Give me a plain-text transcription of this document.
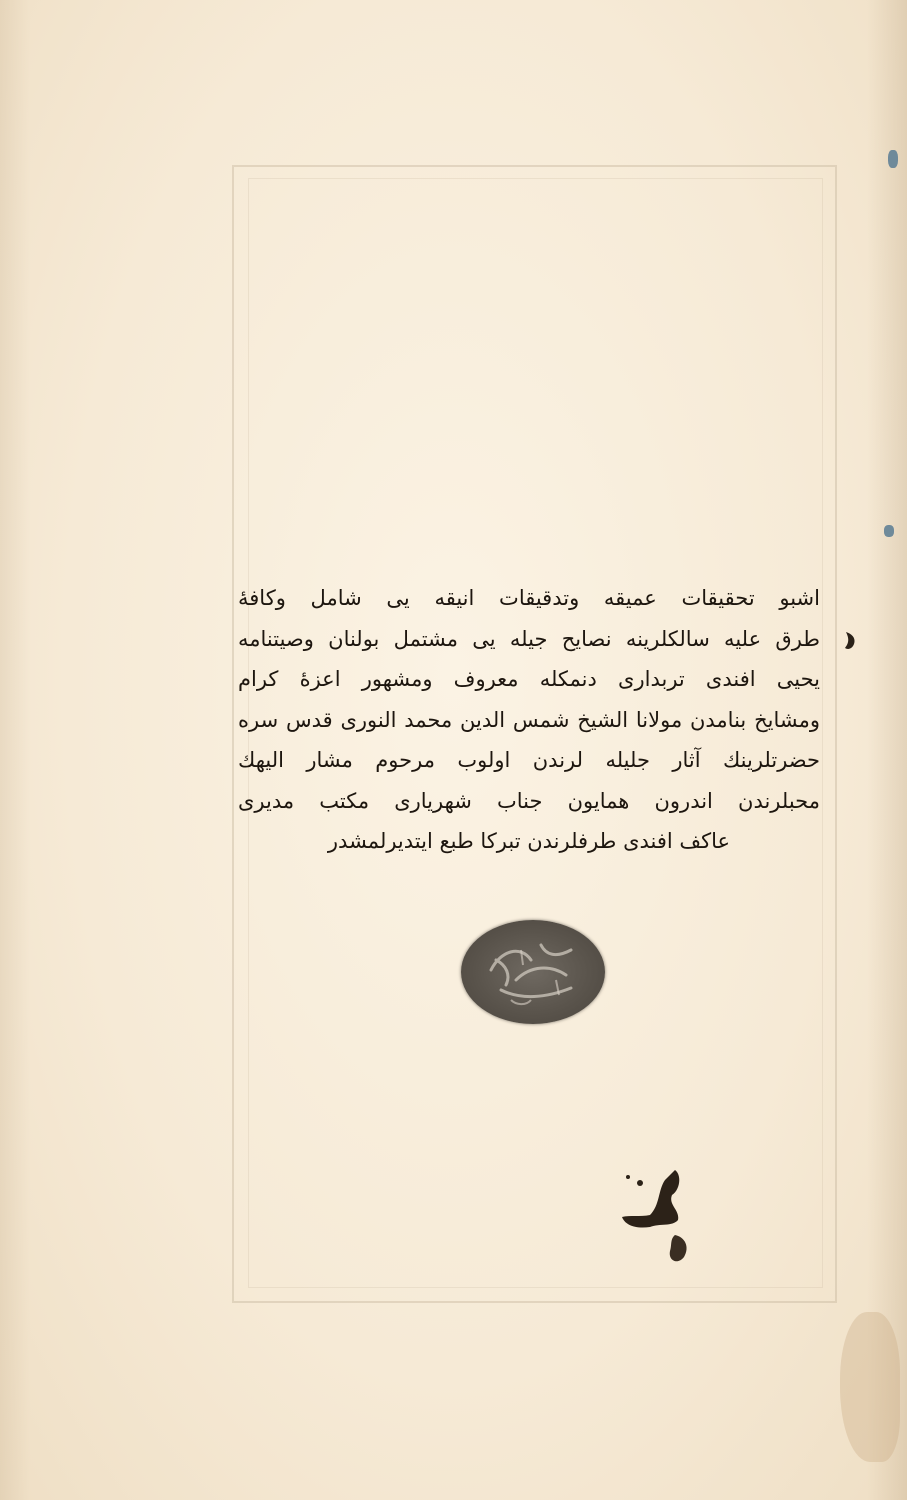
اشبو تحقيقات عميقه وتدقيقات انيقه يى شامل وكافۀ

طرق عليه سالكلرينه نصايح جيله يى مشتمل بولنان وصيتنامه

يحيى افندى تربدارى دنمكله معروف ومشهور اعزۀ كرام

ومشايخ بنامدن مولانا الشيخ شمس الدين محمد النورى قدس سره

حضرتلرينك آثار جليله لرندن اولوب مرحوم مشار اليهك

محبلرندن اندرون همايون جناب شهريارى مكتب مديرى

عاكف افندى طرفلرندن تبركا طبع ايتديرلمشدر
